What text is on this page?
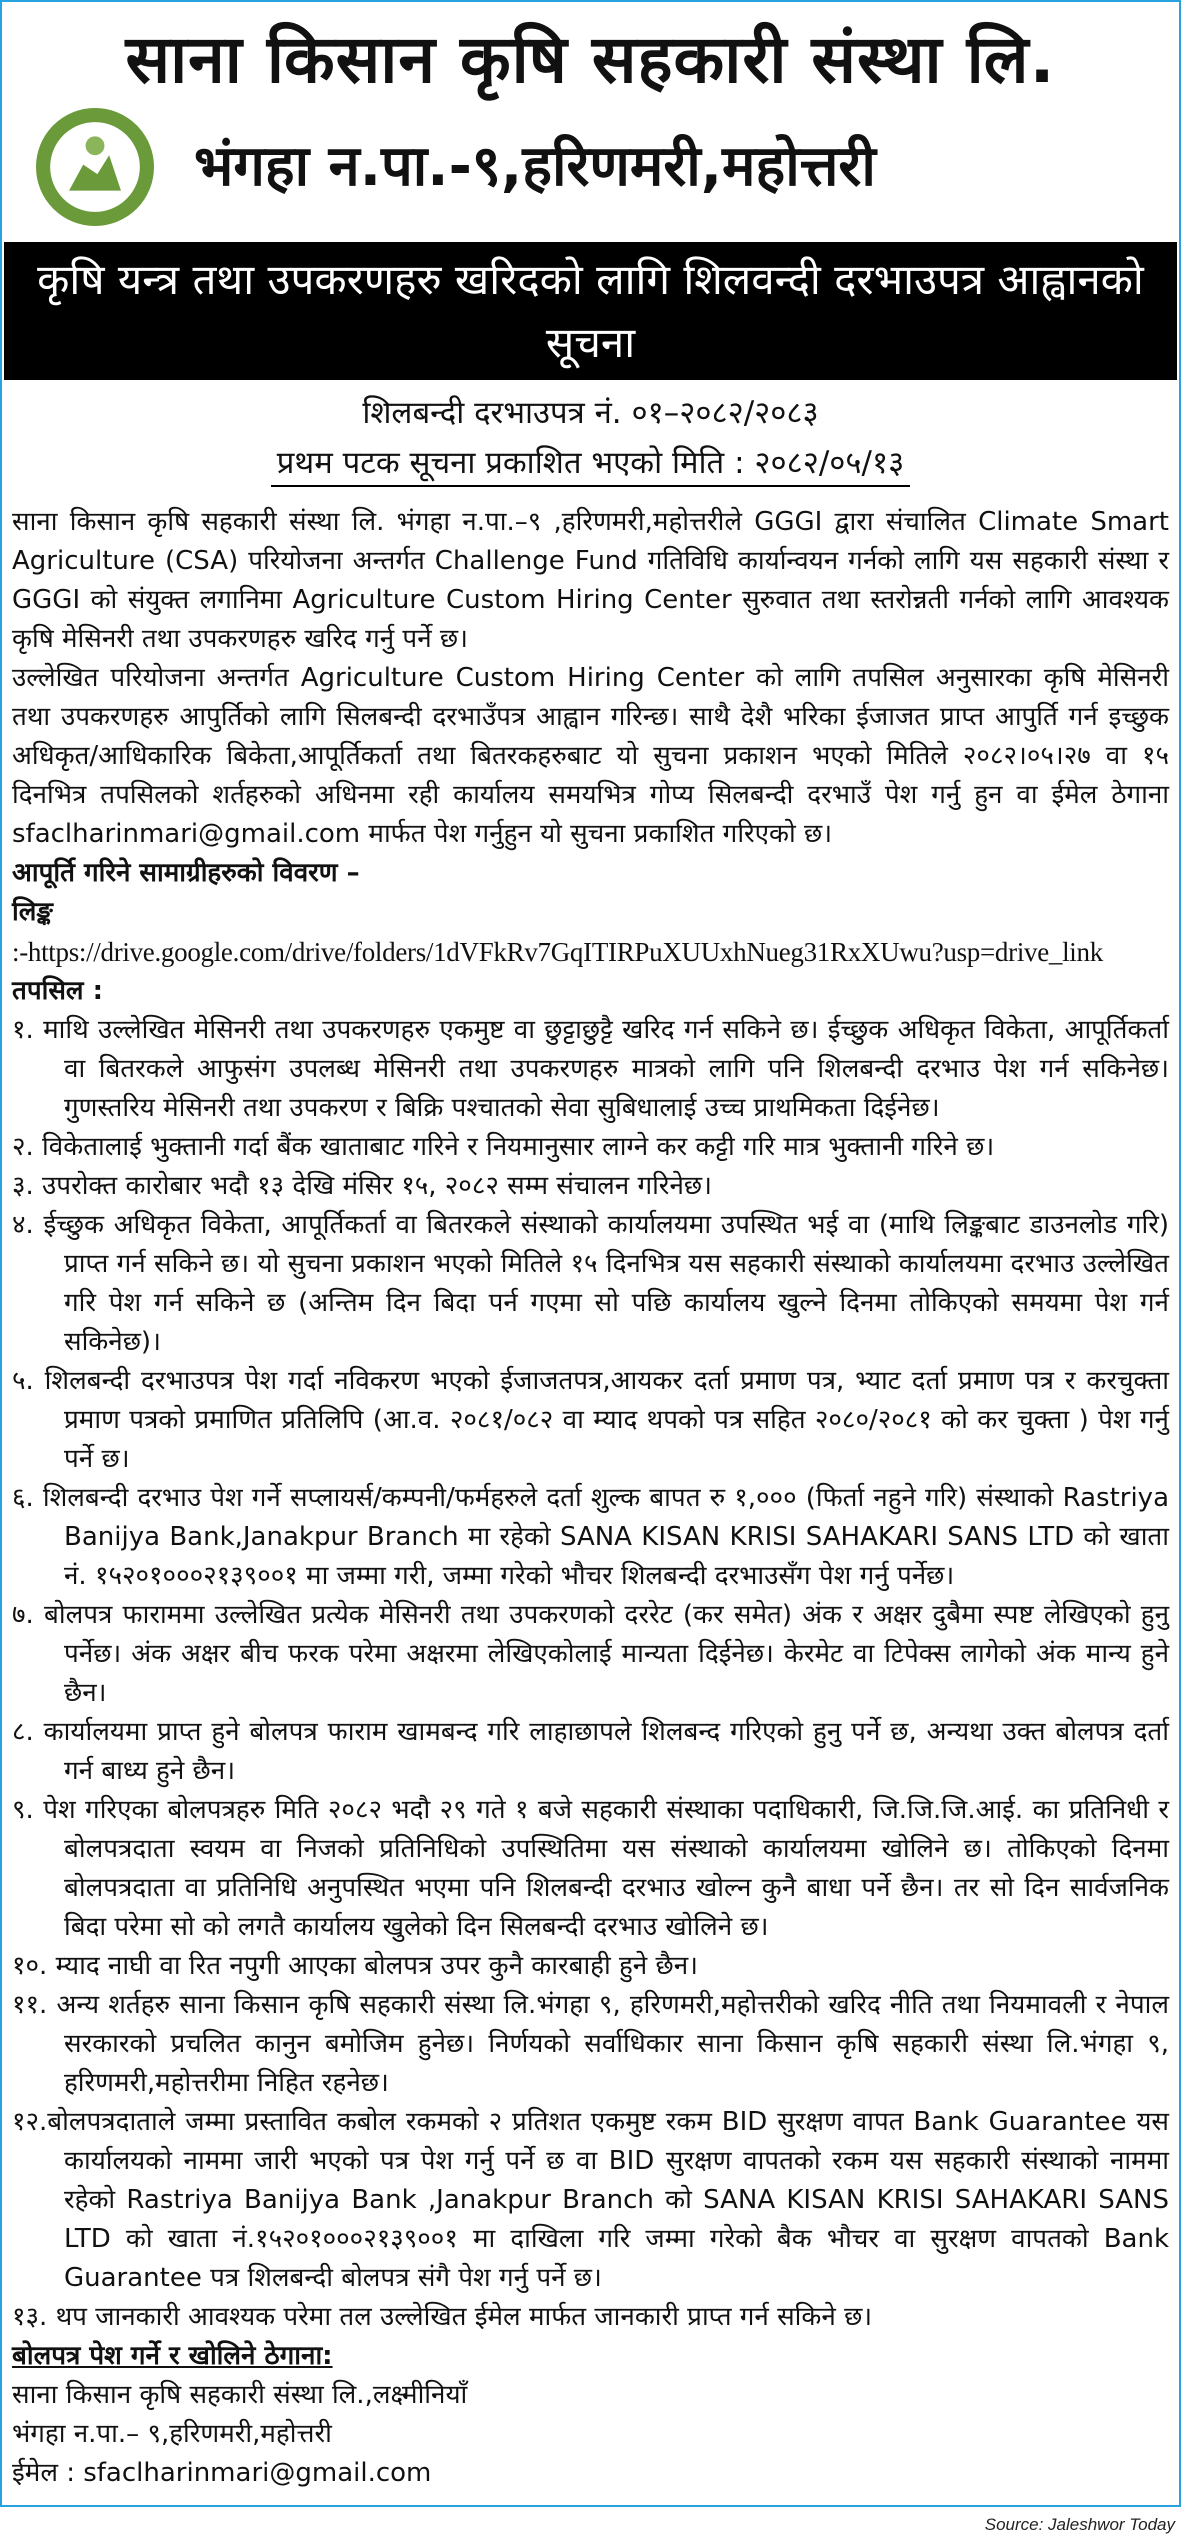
साना किसान कृषि सहकारी संस्था लि.
भंगहा न.पा.-९,हरिणमरी,महोत्तरी
कृषि यन्त्र तथा उपकरणहरु खरिदको लागि शिलवन्दी दरभाउपत्र आह्वानको सूचना
शिलबन्दी दरभाउपत्र नं. ०१–२०८२/२०८३
प्रथम पटक सूचना प्रकाशित भएको मिति : २०८२/०५/१३

साना किसान कृषि सहकारी संस्था लि. भंगहा न.पा.–९ ,हरिणमरी,महोत्तरीले GGGI द्वारा संचालित Climate Smart Agriculture (CSA) परियोजना अन्तर्गत Challenge Fund गतिविधि कार्यान्वयन गर्नको लागि यस सहकारी संस्था र GGGI को संयुक्त लगानिमा Agriculture Custom Hiring Center सुरुवात तथा स्तरोन्नती गर्नको लागि आवश्यक कृषि मेसिनरी तथा उपकरणहरु खरिद गर्नु पर्ने छ।

उल्लेखित परियोजना अन्तर्गत Agriculture Custom Hiring Center को लागि तपसिल अनुसारका कृषि मेसिनरी तथा उपकरणहरु आपुर्तिको लागि सिलबन्दी दरभाउँपत्र आह्वान गरिन्छ। साथै देशै भरिका ईजाजत प्राप्त आपुर्ति गर्न इच्छुक अधिकृत/आधिकारिक बिकेता,आपूर्तिकर्ता तथा बितरकहरुबाट यो सुचना प्रकाशन भएको मितिले २०८२।०५।२७ वा १५ दिनभित्र तपसिलको शर्तहरुको अधिनमा रही कार्यालय समयभित्र गोप्य सिलबन्दी दरभाउँ पेश गर्नु हुन वा ईमेल ठेगाना sfaclharinmari@gmail.com मार्फत पेश गर्नुहुन यो सुचना प्रकाशित गरिएको छ।

आपूर्ति गरिने सामाग्रीहरुको विवरण –

लिङ्क

:-https://drive.google.com/drive/folders/1dVFkRv7GqITIRPuXUUxhNueg31RxXUwu?usp=drive_link

तपसिल :

१. माथि उल्लेखित मेसिनरी तथा उपकरणहरु एकमुष्ट वा छुट्टाछुट्टै खरिद गर्न सकिने छ। ईच्छुक अधिकृत विकेता, आपूर्तिकर्ता वा बितरकले आफुसंग उपलब्ध मेसिनरी तथा उपकरणहरु मात्रको लागि पनि शिलबन्दी दरभाउ पेश गर्न सकिनेछ। गुणस्तरिय मेसिनरी तथा उपकरण र बिक्रि पश्चातको सेवा सुबिधालाई उच्च प्राथमिकता दिईनेछ।

२. विकेतालाई भुक्तानी गर्दा बैंक खाताबाट गरिने र नियमानुसार लाग्ने कर कट्टी गरि मात्र भुक्तानी गरिने छ।

३. उपरोक्त कारोबार भदौ १३ देखि मंसिर १५, २०८२ सम्म संचालन गरिनेछ।

४. ईच्छुक अधिकृत विकेता, आपूर्तिकर्ता वा बितरकले संस्थाको कार्यालयमा उपस्थित भई वा (माथि लिङ्कबाट डाउनलोड गरि) प्राप्त गर्न सकिने छ। यो सुचना प्रकाशन भएको मितिले १५ दिनभित्र यस सहकारी संस्थाको कार्यालयमा दरभाउ उल्लेखित गरि पेश गर्न सकिने छ (अन्तिम दिन बिदा पर्न गएमा सो पछि कार्यालय खुल्ने दिनमा तोकिएको समयमा पेश गर्न सकिनेछ)।

५. शिलबन्दी दरभाउपत्र पेश गर्दा नविकरण भएको ईजाजतपत्र,आयकर दर्ता प्रमाण पत्र, भ्याट दर्ता प्रमाण पत्र र करचुक्ता प्रमाण पत्रको प्रमाणित प्रतिलिपि (आ.व. २०८१/०८२ वा म्याद थपको पत्र सहित २०८०/२०८१ को कर चुक्ता ) पेश गर्नु पर्ने छ।

६. शिलबन्दी दरभाउ पेश गर्ने सप्लायर्स/कम्पनी/फर्महरुले दर्ता शुल्क बापत रु १,००० (फिर्ता नहुने गरि) संस्थाको Rastriya Banijya Bank,Janakpur Branch मा रहेको SANA KISAN KRISI SAHAKARI SANS LTD को खाता नं. १५२०१०००२१३९००१ मा जम्मा गरी, जम्मा गरेको भौचर शिलबन्दी दरभाउसँग पेश गर्नु पर्नेछ।

७. बोलपत्र फाराममा उल्लेखित प्रत्येक मेसिनरी तथा उपकरणको दररेट (कर समेत) अंक र अक्षर दुबैमा स्पष्ट लेखिएको हुनु पर्नेछ। अंक अक्षर बीच फरक परेमा अक्षरमा लेखिएकोलाई मान्यता दिईनेछ। केरमेट वा टिपेक्स लागेको अंक मान्य हुने छैन।

८. कार्यालयमा प्राप्त हुने बोलपत्र फाराम खामबन्द गरि लाहाछापले शिलबन्द गरिएको हुनु पर्ने छ, अन्यथा उक्त बोलपत्र दर्ता गर्न बाध्य हुने छैन।

९. पेश गरिएका बोलपत्रहरु मिति २०८२ भदौ २९ गते १ बजे सहकारी संस्थाका पदाधिकारी, जि.जि.जि.आई. का प्रतिनिधी र बोलपत्रदाता स्वयम वा निजको प्रतिनिधिको उपस्थितिमा यस संस्थाको कार्यालयमा खोलिने छ। तोकिएको दिनमा बोलपत्रदाता वा प्रतिनिधि अनुपस्थित भएमा पनि शिलबन्दी दरभाउ खोल्न कुनै बाधा पर्ने छैन। तर सो दिन सार्वजनिक बिदा परेमा सो को लगतै कार्यालय खुलेको दिन सिलबन्दी दरभाउ खोलिने छ।

१०. म्याद नाघी वा रित नपुगी आएका बोलपत्र उपर कुनै कारबाही हुने छैन।

११. अन्य शर्तहरु साना किसान कृषि सहकारी संस्था लि.भंगहा ९, हरिणमरी,महोत्तरीको खरिद नीति तथा नियमावली र नेपाल सरकारको प्रचलित कानुन बमोजिम हुनेछ। निर्णयको सर्वाधिकार साना किसान कृषि सहकारी संस्था लि.भंगहा ९, हरिणमरी,महोत्तरीमा निहित रहनेछ।

१२.बोलपत्रदाताले जम्मा प्रस्तावित कबोल रकमको २ प्रतिशत एकमुष्ट रकम BID सुरक्षण वापत Bank Guarantee यस कार्यालयको नाममा जारी भएको पत्र पेश गर्नु पर्ने छ वा BID सुरक्षण वापतको रकम यस सहकारी संस्थाको नाममा रहेको Rastriya Banijya Bank ,Janakpur Branch को SANA KISAN KRISI SAHAKARI SANS LTD को खाता नं.१५२०१०००२१३९००१ मा दाखिला गरि जम्मा गरेको बैक भौचर वा सुरक्षण वापतको Bank Guarantee पत्र शिलबन्दी बोलपत्र संगै पेश गर्नु पर्ने छ।

१३. थप जानकारी आवश्यक परेमा तल उल्लेखित ईमेल मार्फत जानकारी प्राप्त गर्न सकिने छ।

बोलपत्र पेश गर्ने र खोलिने ठेगाना:

साना किसान कृषि सहकारी संस्था लि.,लक्ष्मीनियाँ

भंगहा न.पा.– ९,हरिणमरी,महोत्तरी

ईमेल : sfaclharinmari@gmail.com

Source: Jaleshwor Today
